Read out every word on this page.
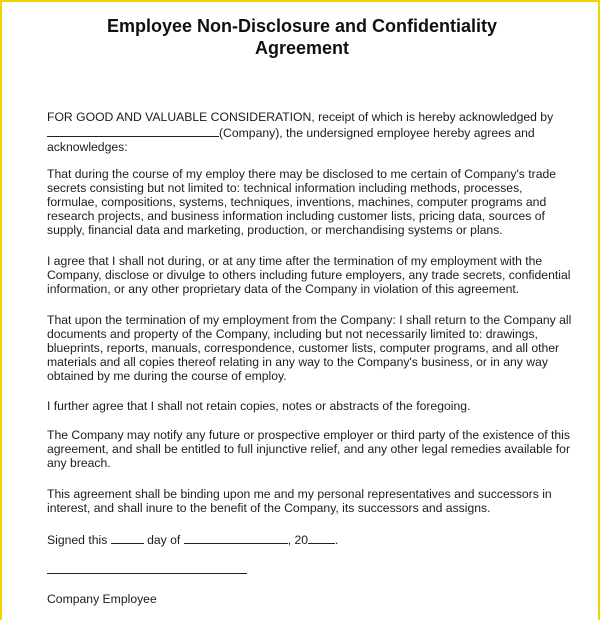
Employee Non-Disclosure and Confidentiality
Agreement
FOR GOOD AND VALUABLE CONSIDERATION, receipt of which is hereby acknowledged by
(Company), the undersigned employee hereby agrees and
acknowledges:
That during the course of my employ there may be disclosed to me certain of Company's trade
secrets consisting but not limited to: technical information including methods, processes,
formulae, compositions, systems, techniques, inventions, machines, computer programs and
research projects, and business information including customer lists, pricing data, sources of
supply, financial data and marketing, production, or merchandising systems or plans.
I agree that I shall not during, or at any time after the termination of my employment with the
Company, disclose or divulge to others including future employers, any trade secrets, confidential
information, or any other proprietary data of the Company in violation of this agreement.
That upon the termination of my employment from the Company: I shall return to the Company all
documents and property of the Company, including but not necessarily limited to: drawings,
blueprints, reports, manuals, correspondence, customer lists, computer programs, and all other
materials and all copies thereof relating in any way to the Company's business, or in any way
obtained by me during the course of employ.
I further agree that I shall not retain copies, notes or abstracts of the foregoing.
The Company may notify any future or prospective employer or third party of the existence of this
agreement, and shall be entitled to full injunctive relief, and any other legal remedies available for
any breach.
This agreement shall be binding upon me and my personal representatives and successors in
interest, and shall inure to the benefit of the Company, its successors and assigns.
Signed this	day of	, 20 .
Company Employee
